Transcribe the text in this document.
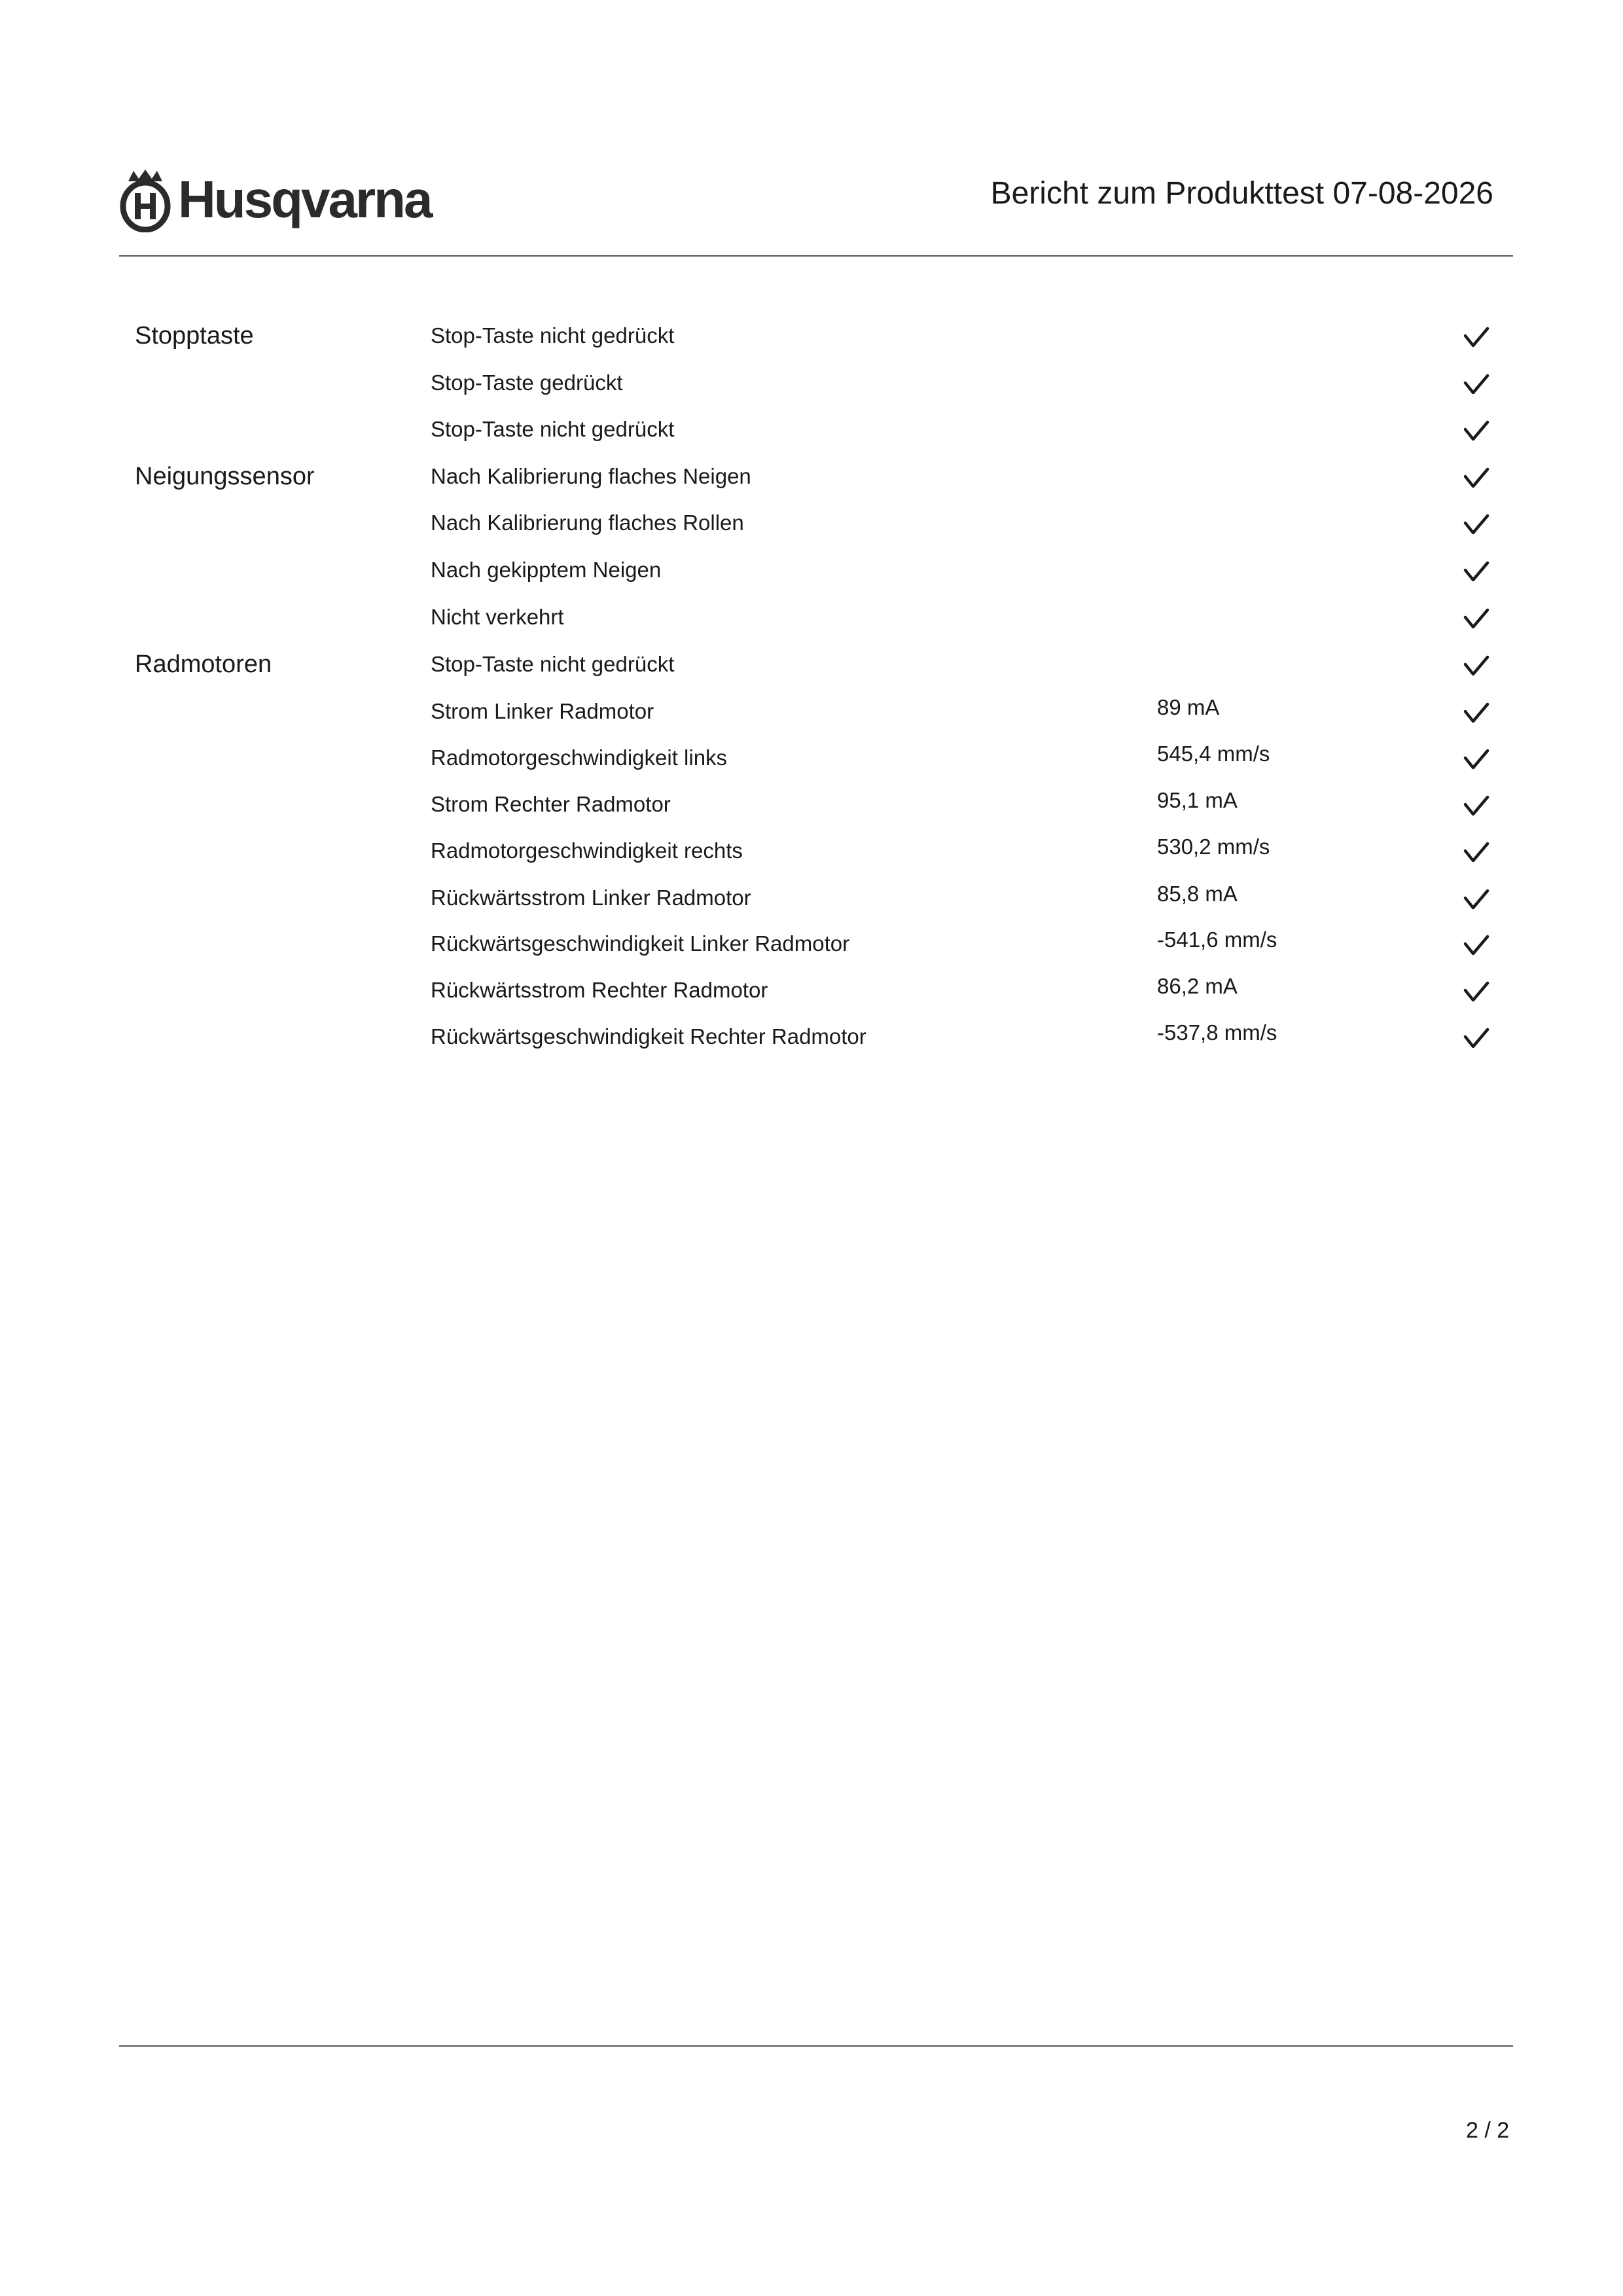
Husqvarna	Bericht zum Produkttest 07-08-2026
Stopptaste	Stop-Taste nicht gedrückt
Stop-Taste gedrückt
Stop-Taste nicht gedrückt
Neigungssensor	Nach Kalibrierung flaches Neigen
Nach Kalibrierung flaches Rollen
Nach gekipptem Neigen
Nicht verkehrt
Radmotoren	Stop-Taste nicht gedrückt
Strom Linker Radmotor	89 mA
Radmotorgeschwindigkeit links	545,4 mm/s
Strom Rechter Radmotor	95,1 mA
Radmotorgeschwindigkeit rechts	530,2 mm/s
Rückwärtsstrom Linker Radmotor	85,8 mA
Rückwärtsgeschwindigkeit Linker Radmotor	-541,6 mm/s
Rückwärtsstrom Rechter Radmotor	86,2 mA
Rückwärtsgeschwindigkeit Rechter Radmotor	-537,8 mm/s
2 / 2
